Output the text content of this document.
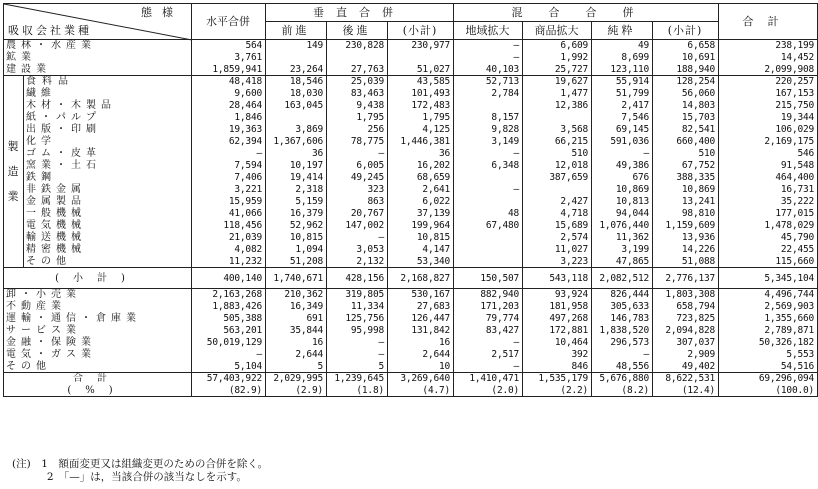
態様
吸収会社業種		水平合併	垂直合併			混合合併				合計
			前進	後進	(小計)	地域拡大	商品拡大	純粋	(小計)	
農林・水産業		564	149	230,828	230,977	—	6,609	49	6,658	238,199
鉱業		3,761				—	1,992	8,699	10,691	14,452
建設業		1,859,941	23,264	27,763	51,027	40,103	25,727	123,110	188,940	2,099,908

製
造
業	食料品	48,418	18,546	25,039	43,585	52,713	19,627	55,914	128,254	220,257
	繊維	9,600	18,030	83,463	101,493	2,784	1,477	51,799	56,060	167,153
	木材・木製品	28,464	163,045	9,438	172,483		12,386	2,417	14,803	215,750
	紙・パルプ	1,846		1,795	1,795	8,157		7,546	15,703	19,344
	出版・印刷	19,363	3,869	256	4,125	9,828	3,568	69,145	82,541	106,029
	化学	62,394	1,367,606	78,775	1,446,381	3,149	66,215	591,036	660,400	2,169,175
	ゴム・皮革	—	36	—	36	—	510	—	510	546
	窯業・土石	7,594	10,197	6,005	16,202	6,348	12,018	49,386	67,752	91,548
	鉄鋼	7,406	19,414	49,245	68,659		387,659	676	388,335	464,400
	非鉄金属	3,221	2,318	323	2,641	—		10,869	10,869	16,731
	金属製品	15,959	5,159	863	6,022		2,427	10,813	13,241	35,222
	一般機械	41,066	16,379	20,767	37,139	48	4,718	94,044	98,810	177,015
	電気機械	118,456	52,962	147,002	199,964	67,480	15,689	1,076,440	1,159,609	1,478,029
	輸送機械	21,039	10,815	—	10,815		2,574	11,362	13,936	45,790
	精密機械	4,082	1,094	3,053	4,147		11,027	3,199	14,226	22,455
	その他	11,232	51,208	2,132	53,340		3,223	47,865	51,088	115,660
(小計)		400,140	1,740,671	428,156	2,168,827	150,507	543,118	2,082,512	2,776,137	5,345,104
卸・小売業		2,163,268	210,362	319,805	530,167	882,940	93,924	826,444	1,803,308	4,496,744
不動産業		1,883,426	16,349	11,334	27,683	171,203	181,958	305,633	658,794	2,569,903
運輸・通信・倉庫業		505,388	691	125,756	126,447	79,774	497,268	146,783	723,825	1,355,660
サービス業		563,201	35,844	95,998	131,842	83,427	172,881	1,838,520	2,094,828	2,789,871
金融・保険業		50,019,129	16	—	16	—	10,464	296,573	307,037	50,326,182
電気・ガス業		—	2,644	—	2,644	2,517	392	—	2,909	5,553
その他		5,104	5	5	10	—	846	48,556	49,402	54,516
合計		57,403,922	2,029,995	1,239,645	3,269,640	1,410,471	1,535,179	5,676,880	8,622,531	69,296,094
(%)		(82.9)	(2.9)	(1.8)	(4.7)	(2.0)	(2.2)	(8.2)	(12.4)	(100.0)
(注)　1　額面変更又は組織変更のための合併を除く。
　　　 2　「—」は，当該合併の該当なしを示す。
